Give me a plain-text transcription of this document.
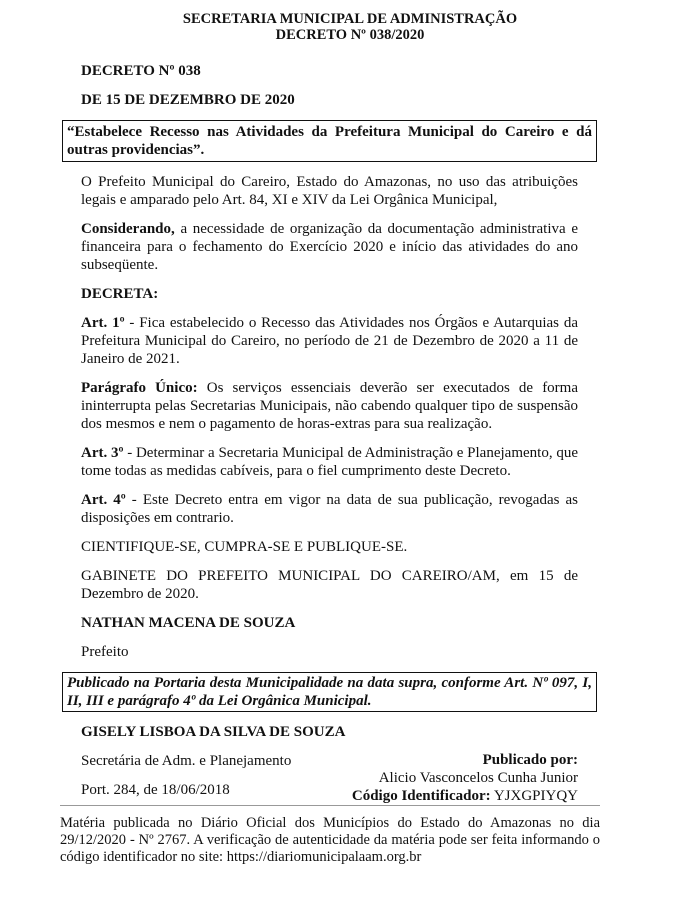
SECRETARIA MUNICIPAL DE ADMINISTRAÇÃO
DECRETO Nº 038/2020
DECRETO Nº 038
DE 15 DE DEZEMBRO DE 2020
“Estabelece Recesso nas Atividades da Prefeitura Municipal do Careiro e dá outras providencias”.
O Prefeito Municipal do Careiro, Estado do Amazonas, no uso das atribuições legais e amparado pelo Art. 84, XI e XIV da Lei Orgânica Municipal,
Considerando, a necessidade de organização da documentação administrativa e financeira para o fechamento do Exercício 2020 e início das atividades do ano subseqüente.
DECRETA:
Art. 1º - Fica estabelecido o Recesso das Atividades nos Órgãos e Autarquias da Prefeitura Municipal do Careiro, no período de 21 de Dezembro de 2020 a 11 de Janeiro de 2021.
Parágrafo Único: Os serviços essenciais deverão ser executados de forma ininterrupta pelas Secretarias Municipais, não cabendo qualquer tipo de suspensão dos mesmos e nem o pagamento de horas-extras para sua realização.
Art. 3º - Determinar a Secretaria Municipal de Administração e Planejamento, que tome todas as medidas cabíveis, para o fiel cumprimento deste Decreto.
Art. 4º - Este Decreto entra em vigor na data de sua publicação, revogadas as disposições em contrario.
CIENTIFIQUE-SE, CUMPRA-SE E PUBLIQUE-SE.
GABINETE DO PREFEITO MUNICIPAL DO CAREIRO/AM, em 15 de Dezembro de 2020.
NATHAN MACENA DE SOUZA
Prefeito
Publicado na Portaria desta Municipalidade na data supra, conforme Art. Nº 097, I, II, III e parágrafo 4º da Lei Orgânica Municipal.
GISELY LISBOA DA SILVA DE SOUZA
Secretária de Adm. e Planejamento
Port. 284, de 18/06/2018
Publicado por:
Alicio Vasconcelos Cunha Junior
Código Identificador: YJXGPIYQY
Matéria publicada no Diário Oficial dos Municípios do Estado do Amazonas no dia 29/12/2020 - Nº 2767. A verificação de autenticidade da matéria pode ser feita informando o código identificador no site: https://diariomunicipalaam.org.br
